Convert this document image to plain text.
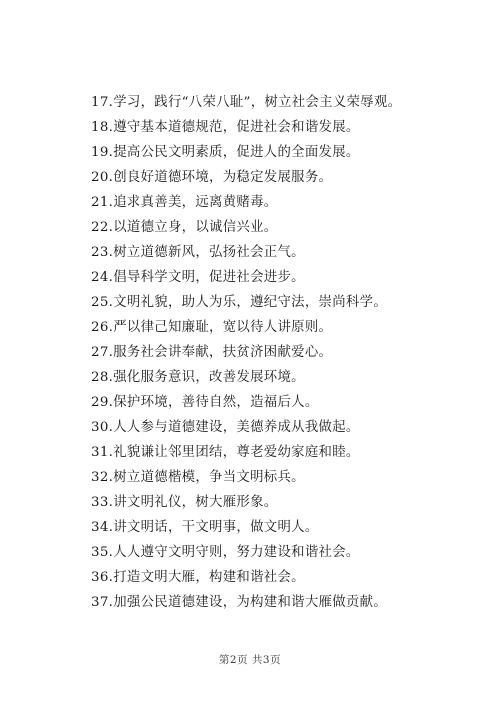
17.学习，践行“八荣八耻”，树立社会主义荣辱观。
18.遵守基本道德规范，促进社会和谐发展。
19.提高公民文明素质，促进人的全面发展。
20.创良好道德环境，为稳定发展服务。
21.追求真善美，远离黄赌毒。
22.以道德立身，以诚信兴业。
23.树立道德新风，弘扬社会正气。
24.倡导科学文明，促进社会进步。
25.文明礼貌，助人为乐，遵纪守法，崇尚科学。
26.严以律己知廉耻，宽以待人讲原则。
27.服务社会讲奉献，扶贫济困献爱心。
28.强化服务意识，改善发展环境。
29.保护环境，善待自然，造福后人。
30.人人参与道德建设，美德养成从我做起。
31.礼貌谦让邻里团结，尊老爱幼家庭和睦。
32.树立道德楷模，争当文明标兵。
33.讲文明礼仪，树大雁形象。
34.讲文明话，干文明事，做文明人。
35.人人遵守文明守则，努力建设和谐社会。
36.打造文明大雁，构建和谐社会。
37.加强公民道德建设，为构建和谐大雁做贡献。
第2页 共3页
